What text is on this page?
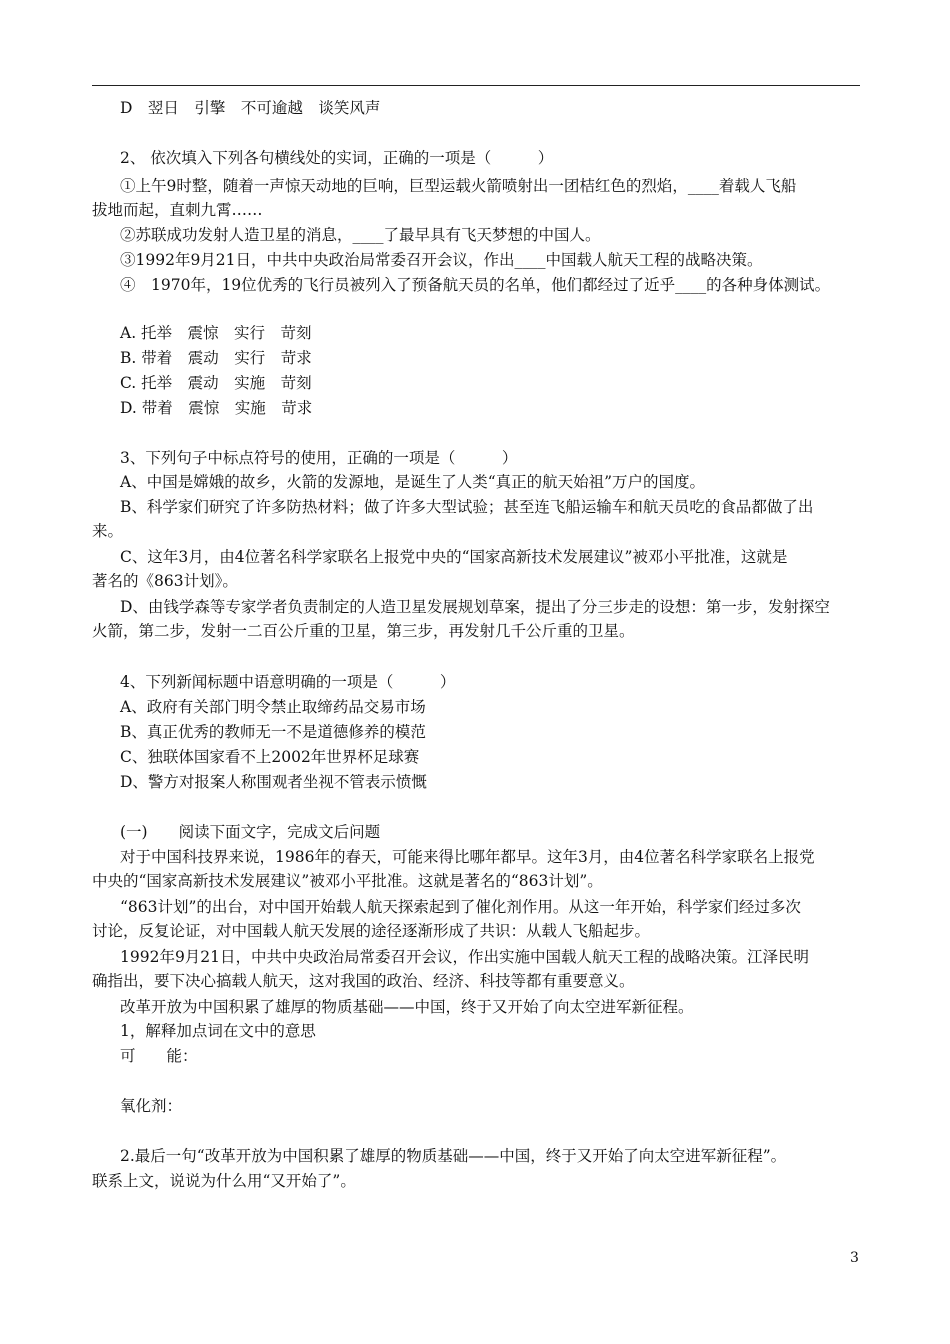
D　翌日　引擎　不可逾越　谈笑风声
2、 依次填入下列各句横线处的实词，正确的一项是（　　　）
①上午9时整，随着一声惊天动地的巨响，巨型运载火箭喷射出一团桔红色的烈焰，____着载人飞船
拔地而起，直刺九霄……
②苏联成功发射人造卫星的消息，____了最早具有飞天梦想的中国人。
③1992年9月21日，中共中央政治局常委召开会议，作出____中国载人航天工程的战略决策。
④　1970年，19位优秀的飞行员被列入了预备航天员的名单，他们都经过了近乎____的各种身体测试。
A. 托举　震惊　实行　苛刻
B. 带着　震动　实行　苛求
C. 托举　震动　实施　苛刻
D. 带着　震惊　实施　苛求
3、下列句子中标点符号的使用，正确的一项是（　　　）
A、中国是嫦娥的故乡，火箭的发源地，是诞生了人类“真正的航天始祖”万户的国度。
B、科学家们研究了许多防热材料；做了许多大型试验；甚至连飞船运输车和航天员吃的食品都做了出
来。
C、这年3月，由4位著名科学家联名上报党中央的“国家高新技术发展建议”被邓小平批准，这就是
著名的《863计划》。
D、由钱学森等专家学者负责制定的人造卫星发展规划草案，提出了分三步走的设想：第一步，发射探空
火箭，第二步，发射一二百公斤重的卫星，第三步，再发射几千公斤重的卫星。
4、下列新闻标题中语意明确的一项是（　　　）
A、政府有关部门明令禁止取缔药品交易市场
B、真正优秀的教师无一不是道德修养的模范
C、独联体国家看不上2002年世界杯足球赛
D、警方对报案人称围观者坐视不管表示愤慨
(一)　　阅读下面文字，完成文后问题
对于中国科技界来说，1986年的春天，可能来得比哪年都早。这年3月，由4位著名科学家联名上报党
中央的“国家高新技术发展建议”被邓小平批准。这就是著名的“863计划”。
“863计划”的出台，对中国开始载人航天探索起到了催化剂作用。从这一年开始，科学家们经过多次
讨论，反复论证，对中国载人航天发展的途径逐渐形成了共识：从载人飞船起步。
1992年9月21日，中共中央政治局常委召开会议，作出实施中国载人航天工程的战略决策。江泽民明
确指出，要下决心搞载人航天，这对我国的政治、经济、科技等都有重要意义。
改革开放为中国积累了雄厚的物质基础——中国，终于又开始了向太空进军新征程。
1，解释加点词在文中的意思
可　　能：
氧化剂：
2.最后一句“改革开放为中国积累了雄厚的物质基础——中国，终于又开始了向太空进军新征程”。
联系上文，说说为什么用“又开始了”。
3
